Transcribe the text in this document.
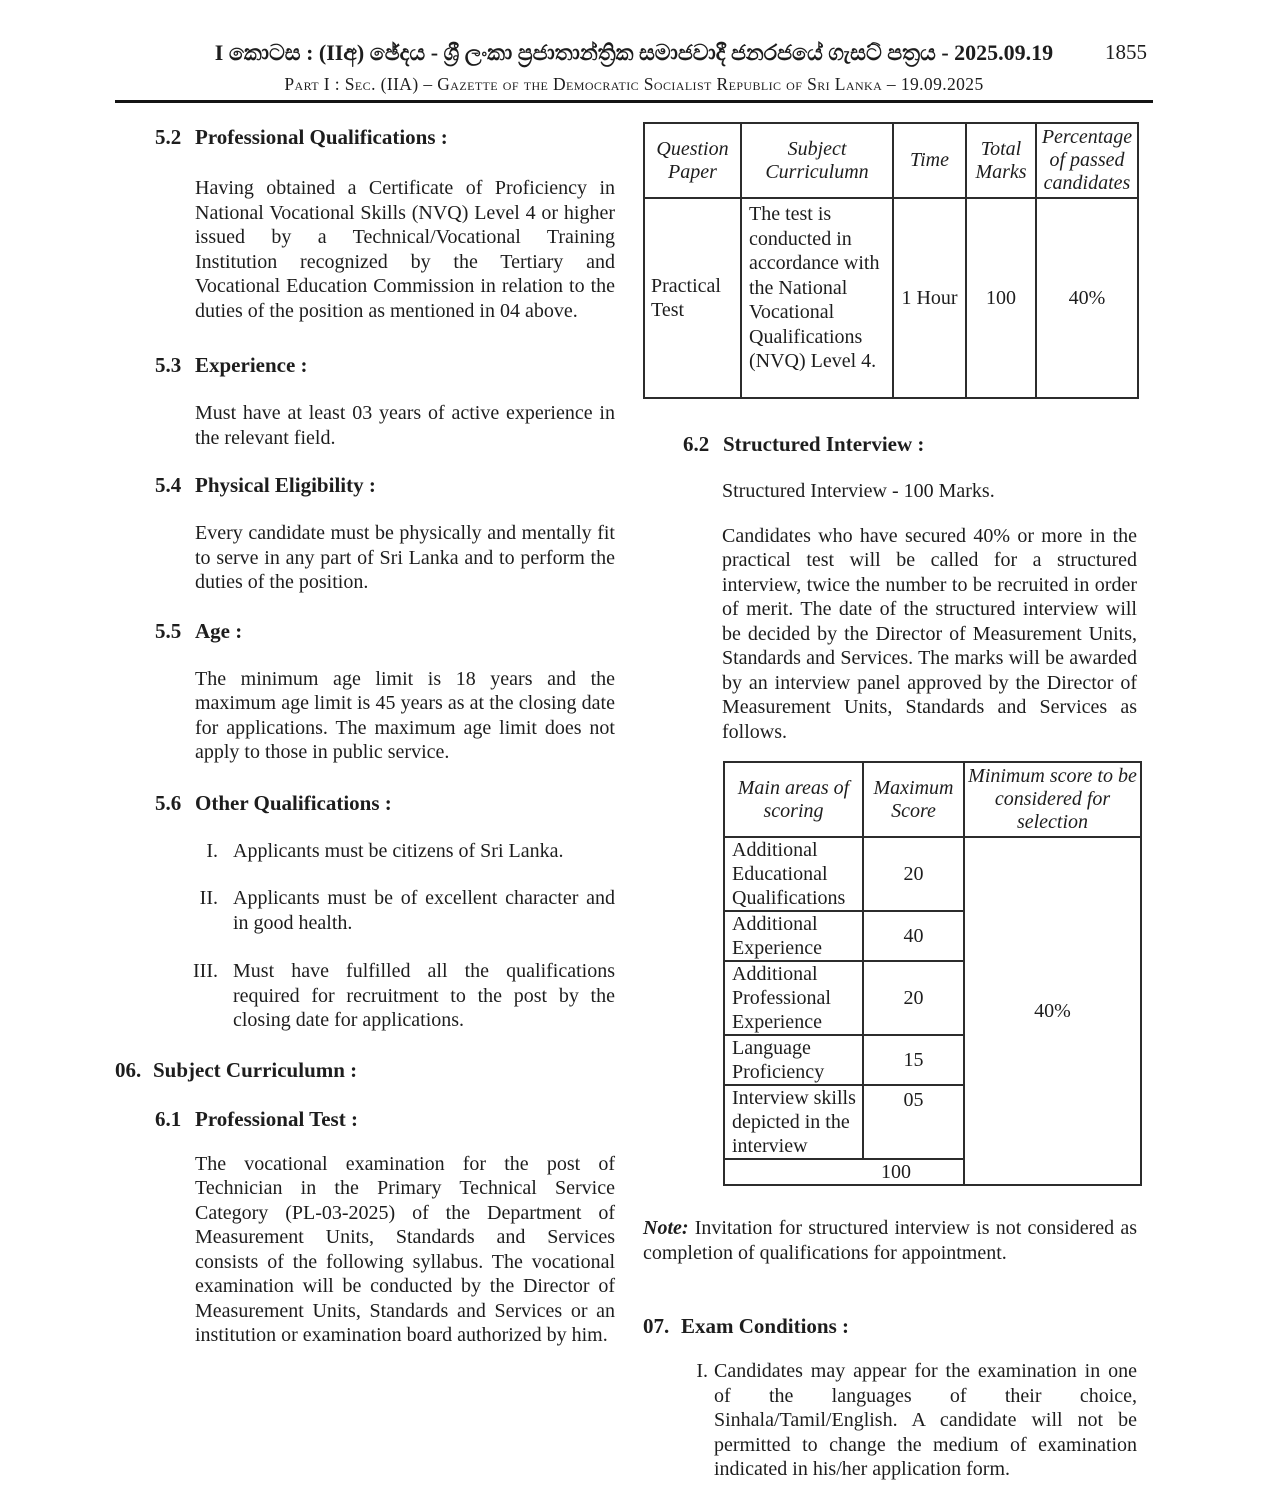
I කොටස : (IIඅ) ඡේදය - ශ්‍රී ලංකා ප්‍රජාතාන්ත්‍රික සමාජවාදී ජනරජයේ ගැසට් පත්‍රය - 2025.09.19	1855
Part I : Sec. (IIA) – Gazette of the Democratic Socialist Republic of Sri Lanka – 19.09.2025
5.2 Professional Qualifications :
Having obtained a Certificate of Proficiency in National Vocational Skills (NVQ) Level 4 or higher issued by a Technical/Vocational Training Institution recognized by the Tertiary and Vocational Education Commission in relation to the duties of the position as mentioned in 04 above.
5.3 Experience :
Must have at least 03 years of active experience in the relevant field.
5.4 Physical Eligibility :
Every candidate must be physically and mentally fit to serve in any part of Sri Lanka and to perform the duties of the position.
5.5 Age :
The minimum age limit is 18 years and the maximum age limit is 45 years as at the closing date for applications. The maximum age limit does not apply to those in public service.
5.6 Other Qualifications :
I. Applicants must be citizens of Sri Lanka.
II. Applicants must be of excellent character and in good health.
III. Must have fulfilled all the qualifications required for recruitment to the post by the closing date for applications.
06. Subject Curriculumn :
6.1 Professional Test :
The vocational examination for the post of Technician in the Primary Technical Service Category (PL-03-2025) of the Department of Measurement Units, Standards and Services consists of the following syllabus. The vocational examination will be conducted by the Director of Measurement Units, Standards and Services or an institution or examination board authorized by him.
Question Paper	Subject Curriculumn	Time	Total Marks	Percentage of passed candidates
Practical Test	The test is conducted in accordance with the National Vocational Qualifications (NVQ) Level 4.	1 Hour	100	40%
6.2 Structured Interview :
Structured Interview - 100 Marks.
Candidates who have secured 40% or more in the practical test will be called for a structured interview, twice the number to be recruited in order of merit. The date of the structured interview will be decided by the Director of Measurement Units, Standards and Services. The marks will be awarded by an interview panel approved by the Director of Measurement Units, Standards and Services as follows.
Main areas of scoring	Maximum Score	Minimum score to be considered for selection
Additional Educational Qualifications	20	40%
Additional Experience	40	
Additional Professional Experience	20	
Language Proficiency	15	
Interview skills depicted in the interview	05	
100		
Note: Invitation for structured interview is not considered as completion of qualifications for appointment.
07. Exam Conditions :
I. Candidates may appear for the examination in one of the languages of their choice, Sinhala/Tamil/English. A candidate will not be permitted to change the medium of examination indicated in his/her application form.
